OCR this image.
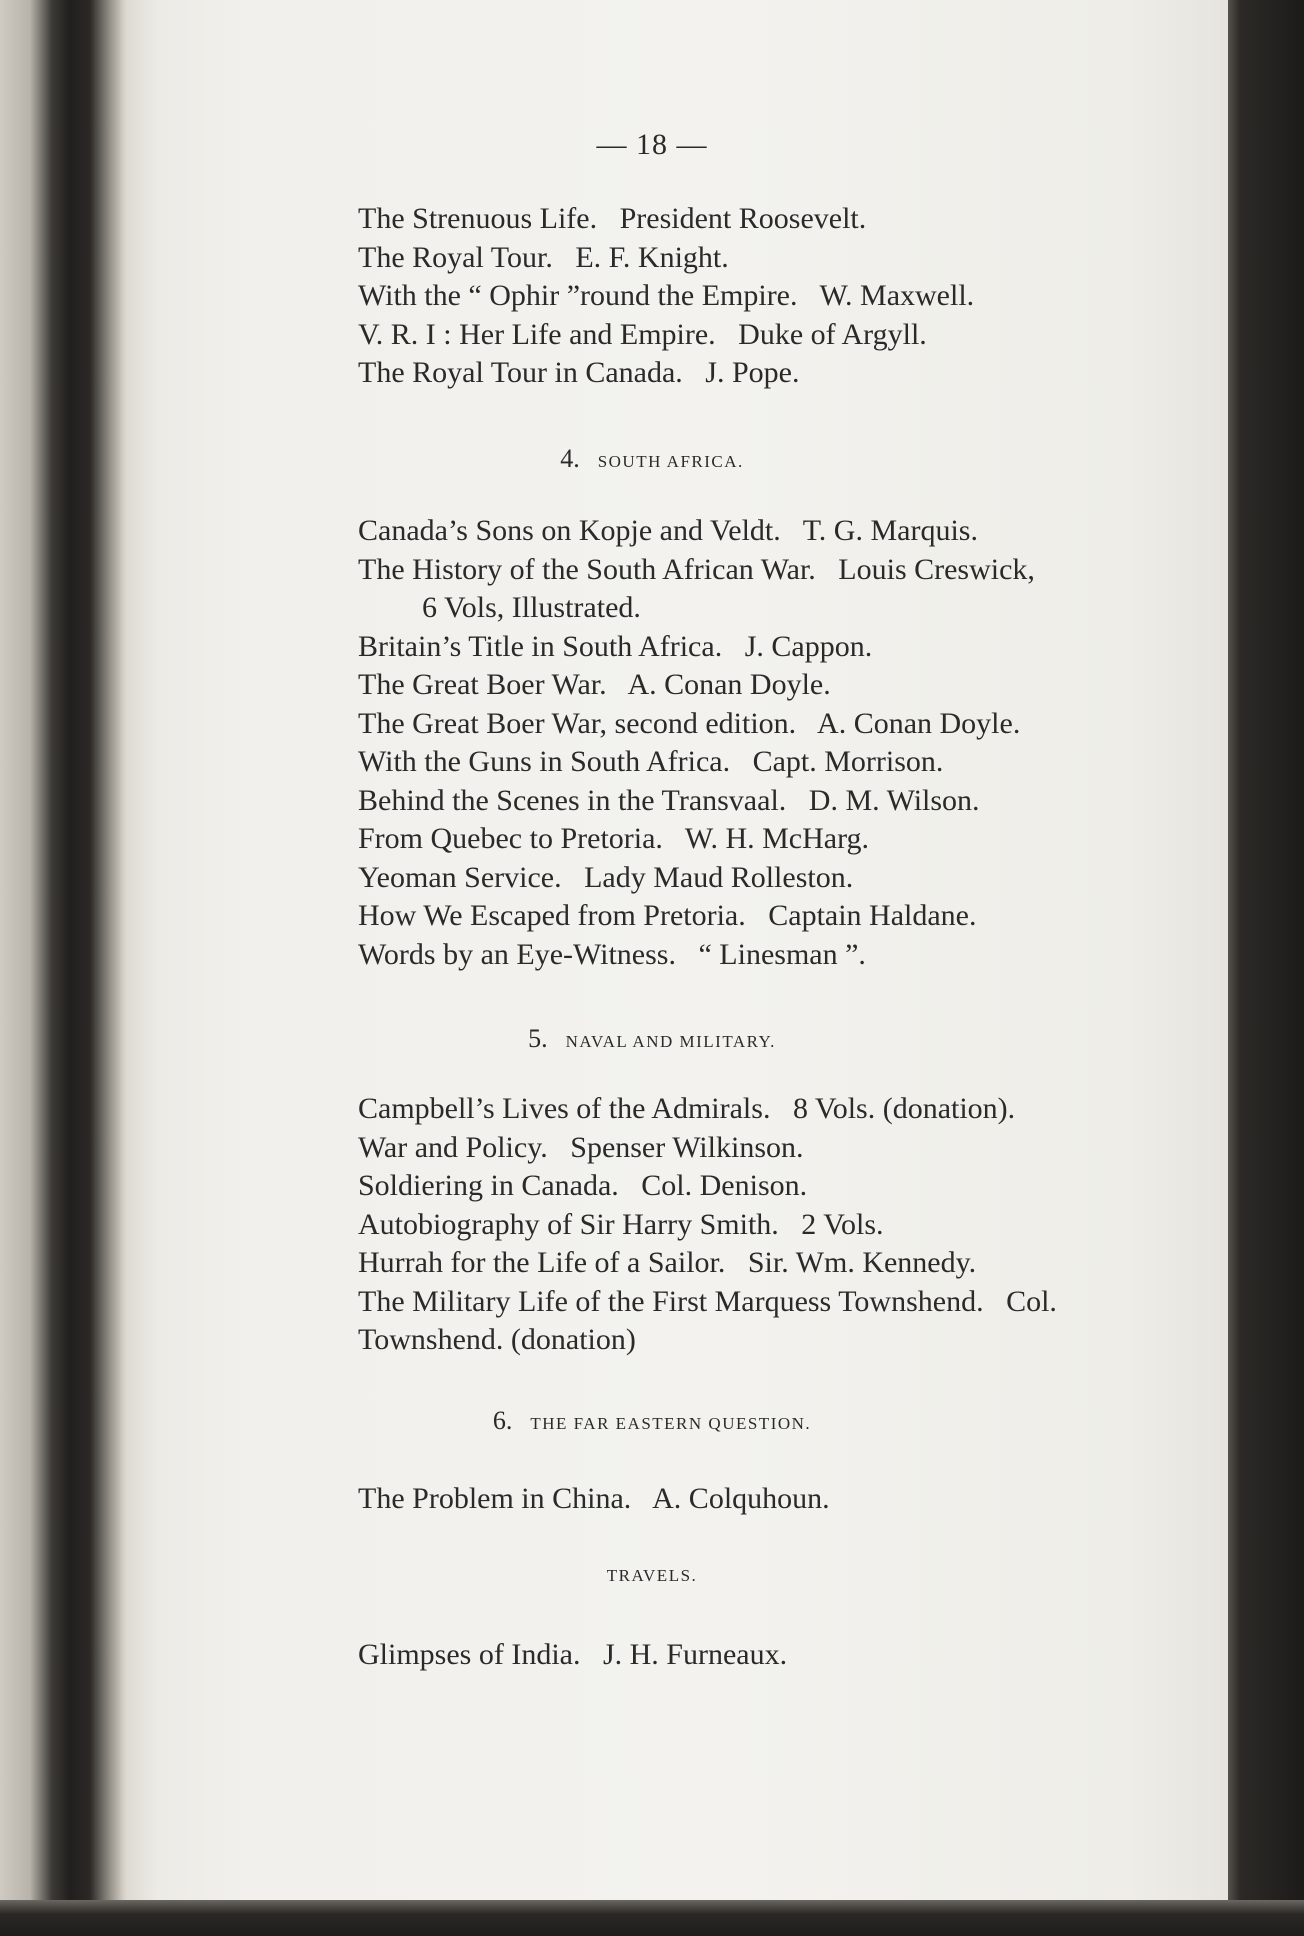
— 18 —
The Strenuous Life.   President Roosevelt.
The Royal Tour.   E. F. Knight.
With the “ Ophir ”round the Empire.   W. Maxwell.
V. R. I : Her Life and Empire.   Duke of Argyll.
The Royal Tour in Canada.   J. Pope.
4. SOUTH AFRICA.
Canada’s Sons on Kopje and Veldt.   T. G. Marquis.
The History of the South African War.   Louis Creswick,
6 Vols, Illustrated.
Britain’s Title in South Africa.   J. Cappon.
The Great Boer War.   A. Conan Doyle.
The Great Boer War, second edition.   A. Conan Doyle.
With the Guns in South Africa.   Capt. Morrison.
Behind the Scenes in the Transvaal.   D. M. Wilson.
From Quebec to Pretoria.   W. H. McHarg.
Yeoman Service.   Lady Maud Rolleston.
How We Escaped from Pretoria.   Captain Haldane.
Words by an Eye-Witness.   “ Linesman ”.
5. NAVAL AND MILITARY.
Campbell’s Lives of the Admirals.   8 Vols. (donation).
War and Policy.   Spenser Wilkinson.
Soldiering in Canada.   Col. Denison.
Autobiography of Sir Harry Smith.   2 Vols.
Hurrah for the Life of a Sailor.   Sir. Wm. Kennedy.
The Military Life of the First Marquess Townshend.   Col.
Townshend. (donation)
6. THE FAR EASTERN QUESTION.
The Problem in China.   A. Colquhoun.
TRAVELS.
Glimpses of India.   J. H. Furneaux.
